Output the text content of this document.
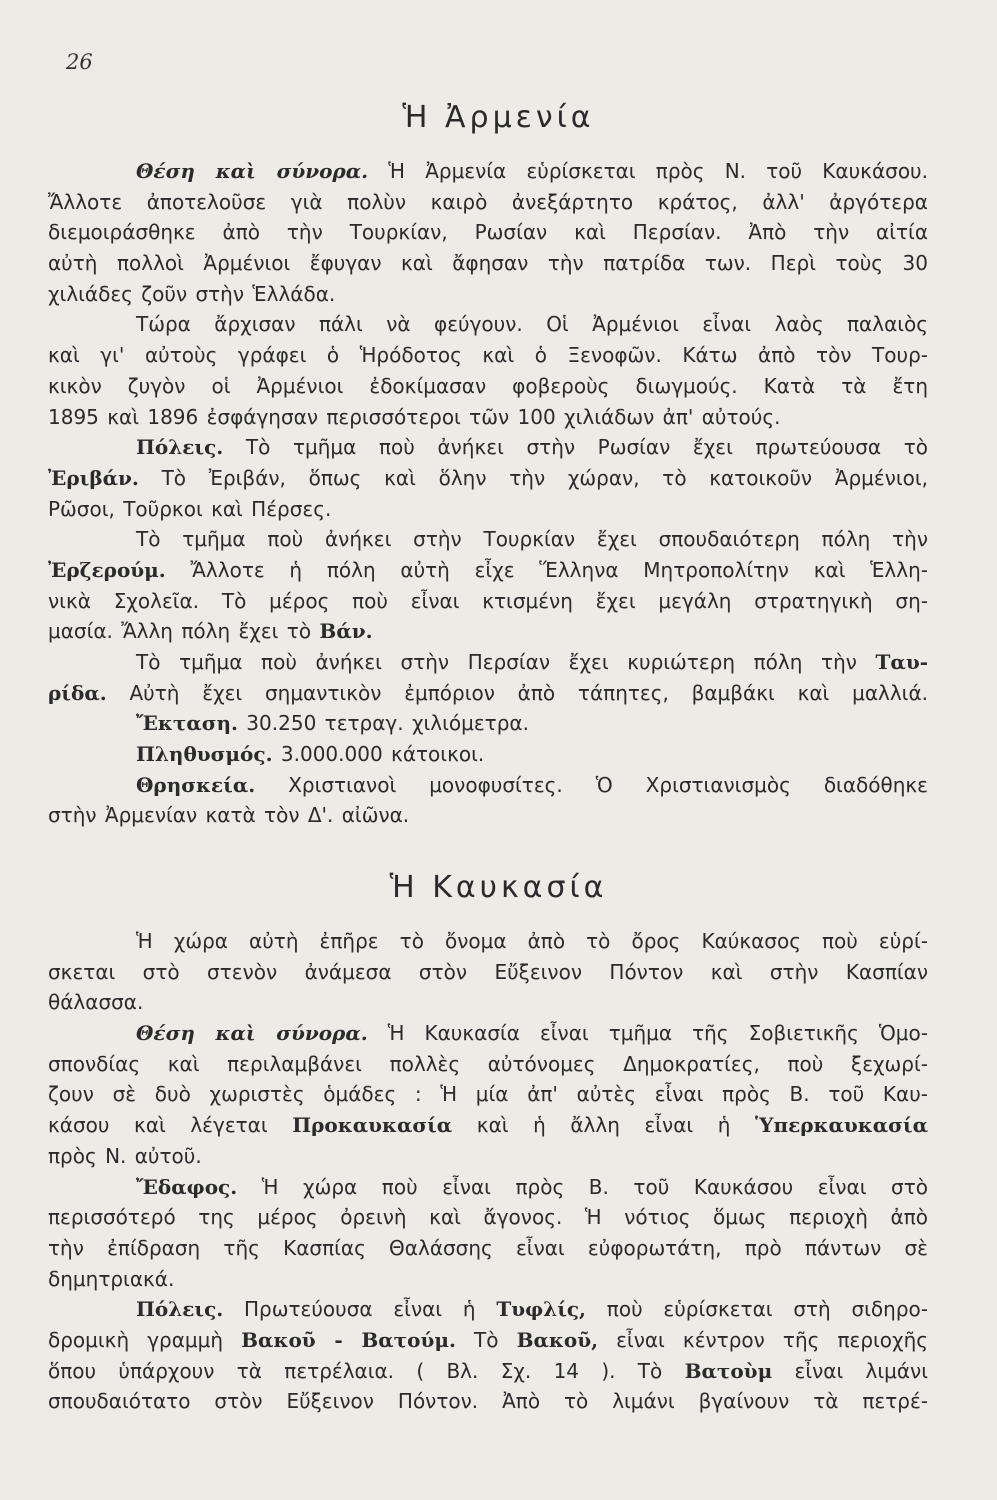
26
Ἡ Ἀρμενία
Θέση καὶ σύνορα. Ἡ Ἀρμενία εὑρίσκεται πρὸς Ν. τοῦ Καυκάσου.
Ἄλλοτε ἀποτελοῦσε γιὰ πολὺν καιρὸ ἀνεξάρτητο κράτος, ἀλλ' ἀργότερα
διεμοιράσθηκε ἀπὸ τὴν Τουρκίαν, Ρωσίαν καὶ Περσίαν. Ἀπὸ τὴν αἰτία
αὐτὴ πολλοὶ Ἀρμένιοι ἔφυγαν καὶ ἄφησαν τὴν πατρίδα των. Περὶ τοὺς 30
χιλιάδες ζοῦν στὴν Ἑλλάδα.
Τώρα ἄρχισαν πάλι νὰ φεύγουν. Οἱ Ἀρμένιοι εἶναι λαὸς παλαιὸς
καὶ γι' αὐτοὺς γράφει ὁ Ἡρόδοτος καὶ ὁ Ξενοφῶν. Κάτω ἀπὸ τὸν Τουρ-
κικὸν ζυγὸν οἱ Ἀρμένιοι ἐδοκίμασαν φοβεροὺς διωγμούς. Κατὰ τὰ ἔτη
1895 καὶ 1896 ἐσφάγησαν περισσότεροι τῶν 100 χιλιάδων ἀπ' αὐτούς.
Πόλεις. Τὸ τμῆμα ποὺ ἀνήκει στὴν Ρωσίαν ἔχει πρωτεύουσα τὸ
Ἐριβάν. Τὸ Ἐριβάν, ὅπως καὶ ὅλην τὴν χώραν, τὸ κατοικοῦν Ἀρμένιοι,
Ρῶσοι, Τοῦρκοι καὶ Πέρσες.
Τὸ τμῆμα ποὺ ἀνήκει στὴν Τουρκίαν ἔχει σπουδαιότερη πόλη τὴν
Ἐρζερούμ. Ἄλλοτε ἡ πόλη αὐτὴ εἶχε Ἕλληνα Μητροπολίτην καὶ Ἑλλη-
νικὰ Σχολεῖα. Τὸ μέρος ποὺ εἶναι κτισμένη ἔχει μεγάλη στρατηγικὴ ση-
μασία. Ἄλλη πόλη ἔχει τὸ Βάν.
Τὸ τμῆμα ποὺ ἀνήκει στὴν Περσίαν ἔχει κυριώτερη πόλη τὴν Ταυ-
ρίδα. Αὐτὴ ἔχει σημαντικὸν ἐμπόριον ἀπὸ τάπητες, βαμβάκι καὶ μαλλιά.
Ἔκταση. 30.250 τετραγ. χιλιόμετρα.
Πληθυσμός. 3.000.000 κάτοικοι.
Θρησκεία. Χριστιανοὶ μονοφυσίτες. Ὁ Χριστιανισμὸς διαδόθηκε
στὴν Ἀρμενίαν κατὰ τὸν Δ'. αἰῶνα.
Ἡ Καυκασία
Ἡ χώρα αὐτὴ ἐπῆρε τὸ ὄνομα ἀπὸ τὸ ὄρος Καύκασος ποὺ εὑρί-
σκεται στὸ στενὸν ἀνάμεσα στὸν Εὔξεινον Πόντον καὶ στὴν Κασπίαν
θάλασσα.
Θέση καὶ σύνορα. Ἡ Καυκασία εἶναι τμῆμα τῆς Σοβιετικῆς Ὁμο-
σπονδίας καὶ περιλαμβάνει πολλὲς αὐτόνομες Δημοκρατίες, ποὺ ξεχωρί-
ζουν σὲ δυὸ χωριστὲς ὁμάδες : Ἡ μία ἀπ' αὐτὲς εἶναι πρὸς Β. τοῦ Καυ-
κάσου καὶ λέγεται Προκαυκασία καὶ ἡ ἄλλη εἶναι ἡ Ὑπερκαυκασία
πρὸς Ν. αὐτοῦ.
Ἔδαφος. Ἡ χώρα ποὺ εἶναι πρὸς Β. τοῦ Καυκάσου εἶναι στὸ
περισσότερό της μέρος ὀρεινὴ καὶ ἄγονος. Ἡ νότιος ὅμως περιοχὴ ἀπὸ
τὴν ἐπίδραση τῆς Κασπίας Θαλάσσης εἶναι εὐφορωτάτη, πρὸ πάντων σὲ
δημητριακά.
Πόλεις. Πρωτεύουσα εἶναι ἡ Τυφλίς, ποὺ εὑρίσκεται στὴ σιδηρο-
δρομικὴ γραμμὴ Βακοῦ - Βατούμ. Τὸ Βακοῦ, εἶναι κέντρον τῆς περιοχῆς
ὅπου ὑπάρχουν τὰ πετρέλαια. ( Βλ. Σχ. 14 ). Τὸ Βατοὺμ εἶναι λιμάνι
σπουδαιότατο στὸν Εὔξεινον Πόντον. Ἀπὸ τὸ λιμάνι βγαίνουν τὰ πετρέ-
